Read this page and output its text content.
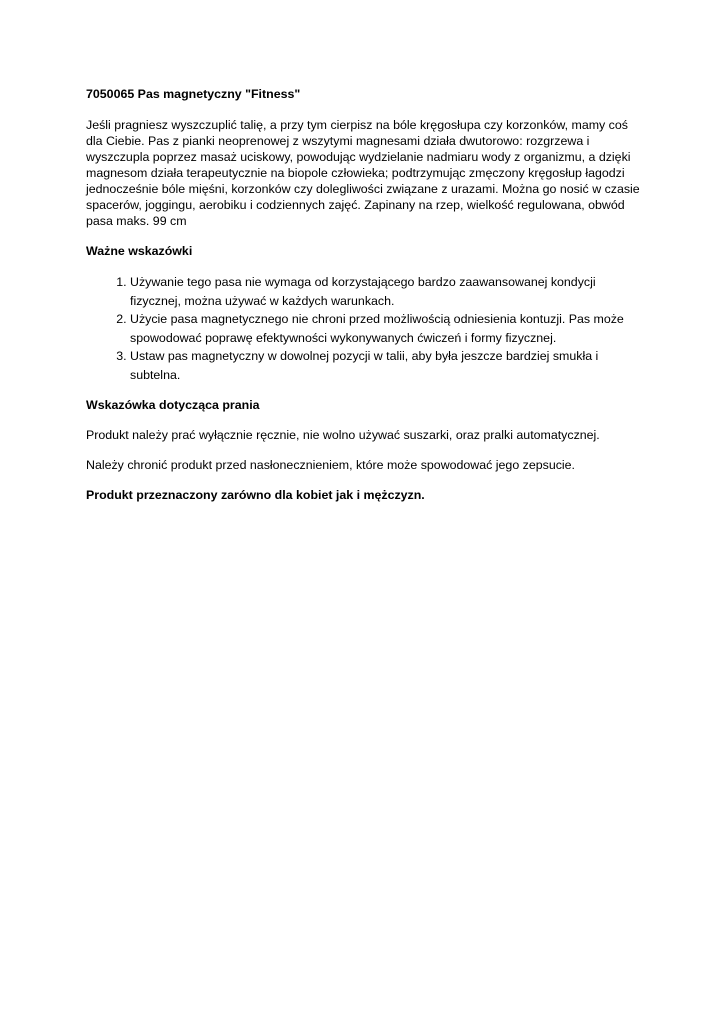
7050065 Pas magnetyczny "Fitness"

Jeśli pragniesz wyszczuplić talię, a przy tym cierpisz na bóle kręgosłupa czy korzonków, mamy coś dla Ciebie. Pas z pianki neoprenowej z wszytymi magnesami działa dwutorowo: rozgrzewa i wyszczupla poprzez masaż uciskowy, powodując wydzielanie nadmiaru wody z organizmu, a dzięki magnesom działa terapeutycznie na biopole człowieka; podtrzymując zmęczony kręgosłup łagodzi jednocześnie bóle mięśni, korzonków czy dolegliwości związane z urazami. Można go nosić w czasie spacerów, joggingu, aerobiku i codziennych zajęć. Zapinany na rzep, wielkość regulowana, obwód pasa maks. 99 cm

Ważne wskazówki

1. Używanie tego pasa nie wymaga od korzystającego bardzo zaawansowanej kondycji fizycznej, można używać w każdych warunkach.
2. Użycie pasa magnetycznego nie chroni przed możliwością odniesienia kontuzji. Pas może spowodować poprawę efektywności wykonywanych ćwiczeń i formy fizycznej.
3. Ustaw pas magnetyczny w dowolnej pozycji w talii, aby była jeszcze bardziej smukła i subtelna.

Wskazówka dotycząca prania

Produkt należy prać wyłącznie ręcznie, nie wolno używać suszarki, oraz pralki automatycznej.

Należy chronić produkt przed nasłonecznieniem, które może spowodować jego zepsucie.

Produkt przeznaczony zarówno dla kobiet jak i mężczyzn.
